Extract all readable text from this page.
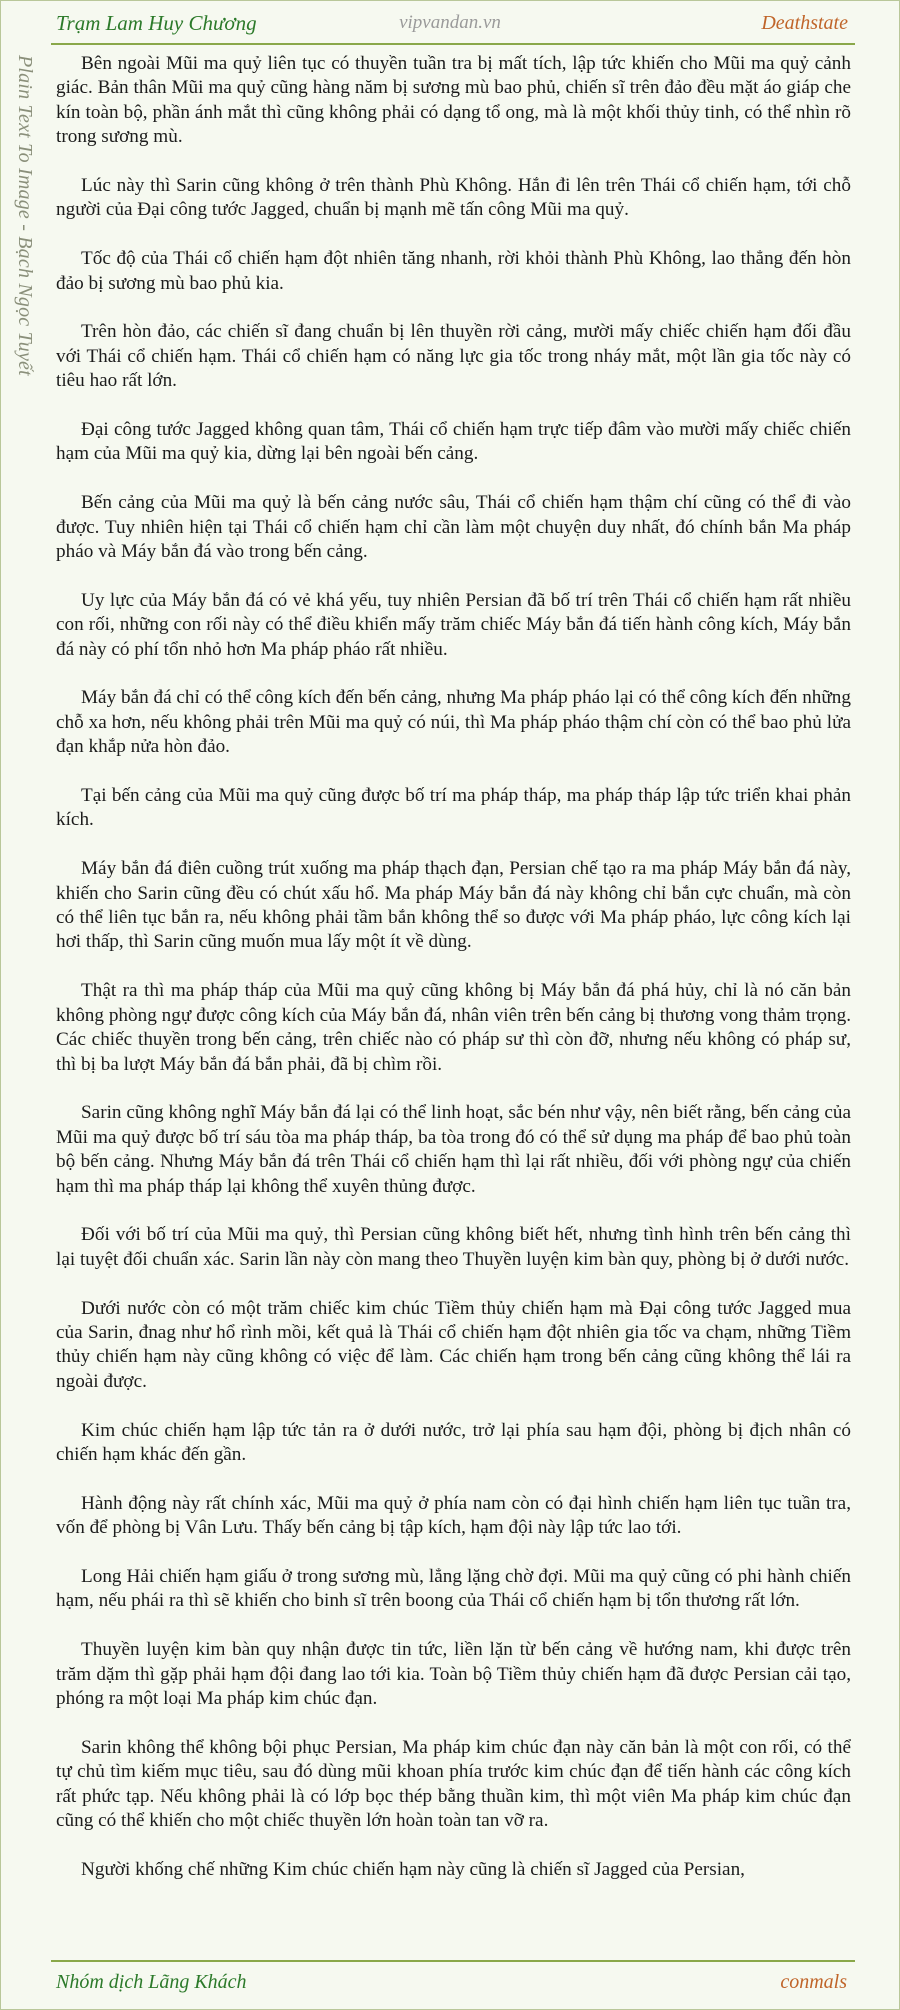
Trạm Lam Huy Chương	vipvandan.vn	Deathstate
Plain Text To Image - Bạch Ngọc Tuyết	Bên ngoài Mũi ma quỷ liên tục có thuyền tuần tra bị mất tích, lập tức khiến cho Mũi ma quỷ cảnh giác. Bản thân Mũi ma quỷ cũng hàng năm bị sương mù bao phủ, chiến sĩ trên đảo đều mặt áo giáp che kín toàn bộ, phần ánh mắt thì cũng không phải có dạng tổ ong, mà là một khối thủy tinh, có thể nhìn rõ trong sương mù.

Lúc này thì Sarin cũng không ở trên thành Phù Không. Hắn đi lên trên Thái cổ chiến hạm, tới chỗ người của Đại công tước Jagged, chuẩn bị mạnh mẽ tấn công Mũi ma quỷ.

Tốc độ của Thái cổ chiến hạm đột nhiên tăng nhanh, rời khỏi thành Phù Không, lao thẳng đến hòn đảo bị sương mù bao phủ kia.

Trên hòn đảo, các chiến sĩ đang chuẩn bị lên thuyền rời cảng, mười mấy chiếc chiến hạm đối đầu với Thái cổ chiến hạm. Thái cổ chiến hạm có năng lực gia tốc trong nháy mắt, một lần gia tốc này có tiêu hao rất lớn.

Đại công tước Jagged không quan tâm, Thái cổ chiến hạm trực tiếp đâm vào mười mấy chiếc chiến hạm của Mũi ma quỷ kia, dừng lại bên ngoài bến cảng.

Bến cảng của Mũi ma quỷ là bến cảng nước sâu, Thái cổ chiến hạm thậm chí cũng có thể đi vào được. Tuy nhiên hiện tại Thái cổ chiến hạm chỉ cần làm một chuyện duy nhất, đó chính bắn Ma pháp pháo và Máy bắn đá vào trong bến cảng.

Uy lực của Máy bắn đá có vẻ khá yếu, tuy nhiên Persian đã bố trí trên Thái cổ chiến hạm rất nhiều con rối, những con rối này có thể điều khiển mấy trăm chiếc Máy bắn đá tiến hành công kích, Máy bắn đá này có phí tổn nhỏ hơn Ma pháp pháo rất nhiều.

Máy bắn đá chỉ có thể công kích đến bến cảng, nhưng Ma pháp pháo lại có thể công kích đến những chỗ xa hơn, nếu không phải trên Mũi ma quỷ có núi, thì Ma pháp pháo thậm chí còn có thể bao phủ lửa đạn khắp nửa hòn đảo.

Tại bến cảng của Mũi ma quỷ cũng được bố trí ma pháp tháp, ma pháp tháp lập tức triển khai phản kích.

Máy bắn đá điên cuồng trút xuống ma pháp thạch đạn, Persian chế tạo ra ma pháp Máy bắn đá này, khiến cho Sarin cũng đều có chút xấu hổ. Ma pháp Máy bắn đá này không chỉ bắn cực chuẩn, mà còn có thể liên tục bắn ra, nếu không phải tầm bắn không thể so được với Ma pháp pháo, lực công kích lại hơi thấp, thì Sarin cũng muốn mua lấy một ít về dùng.

Thật ra thì ma pháp tháp của Mũi ma quỷ cũng không bị Máy bắn đá phá hủy, chỉ là nó căn bản không phòng ngự được công kích của Máy bắn đá, nhân viên trên bến cảng bị thương vong thảm trọng. Các chiếc thuyền trong bến cảng, trên chiếc nào có pháp sư thì còn đỡ, nhưng nếu không có pháp sư, thì bị ba lượt Máy bắn đá bắn phải, đã bị chìm rồi.

Sarin cũng không nghĩ Máy bắn đá lại có thể linh hoạt, sắc bén như vậy, nên biết rằng, bến cảng của Mũi ma quỷ được bố trí sáu tòa ma pháp tháp, ba tòa trong đó có thể sử dụng ma pháp để bao phủ toàn bộ bến cảng. Nhưng Máy bắn đá trên Thái cổ chiến hạm thì lại rất nhiều, đối với phòng ngự của chiến hạm thì ma pháp tháp lại không thể xuyên thủng được.

Đối với bố trí của Mũi ma quỷ, thì Persian cũng không biết hết, nhưng tình hình trên bến cảng thì lại tuyệt đối chuẩn xác. Sarin lần này còn mang theo Thuyền luyện kim bàn quy, phòng bị ở dưới nước.

Dưới nước còn có một trăm chiếc kim chúc Tiềm thủy chiến hạm mà Đại công tước Jagged mua của Sarin, đnag như hổ rình mồi, kết quả là Thái cổ chiến hạm đột nhiên gia tốc va chạm, những Tiềm thủy chiến hạm này cũng không có việc để làm. Các chiến hạm trong bến cảng cũng không thể lái ra ngoài được.

Kim chúc chiến hạm lập tức tản ra ở dưới nước, trở lại phía sau hạm đội, phòng bị địch nhân có chiến hạm khác đến gần.

Hành động này rất chính xác, Mũi ma quỷ ở phía nam còn có đại hình chiến hạm liên tục tuần tra, vốn để phòng bị Vân Lưu. Thấy bến cảng bị tập kích, hạm đội này lập tức lao tới.

Long Hải chiến hạm giấu ở trong sương mù, lẳng lặng chờ đợi. Mũi ma quỷ cũng có phi hành chiến hạm, nếu phái ra thì sẽ khiến cho binh sĩ trên boong của Thái cổ chiến hạm bị tổn thương rất lớn.

Thuyền luyện kim bàn quy nhận được tin tức, liền lặn từ bến cảng về hướng nam, khi được trên trăm dặm thì gặp phải hạm đội đang lao tới kia. Toàn bộ Tiềm thủy chiến hạm đã được Persian cải tạo, phóng ra một loại Ma pháp kim chúc đạn.

Sarin không thể không bội phục Persian, Ma pháp kim chúc đạn này căn bản là một con rối, có thể tự chủ tìm kiếm mục tiêu, sau đó dùng mũi khoan phía trước kim chúc đạn để tiến hành các công kích rất phức tạp. Nếu không phải là có lớp bọc thép bằng thuần kim, thì một viên Ma pháp kim chúc đạn cũng có thể khiến cho một chiếc thuyền lớn hoàn toàn tan vỡ ra.

Người khống chế những Kim chúc chiến hạm này cũng là chiến sĩ Jagged của Persian,

Nhóm dịch Lãng Khách	conmals
